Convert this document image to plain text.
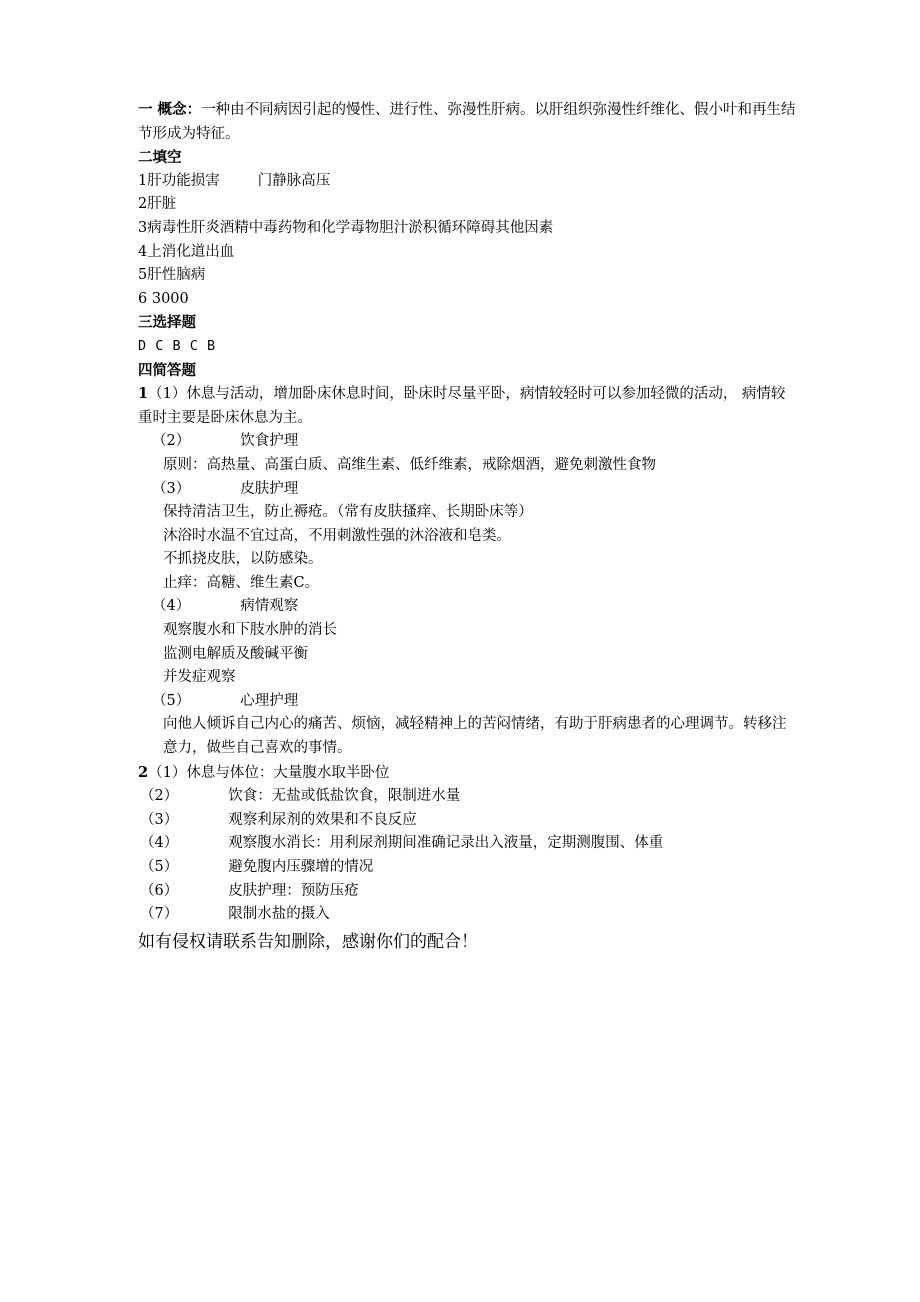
一 概念：一种由不同病因引起的慢性、进行性、弥漫性肝病。以肝组织弥漫性纤维化、假小叶和再生结节形成为特征。
二填空
1肝功能损害	门静脉高压
2肝脏
3病毒性肝炎酒精中毒药物和化学毒物胆汁淤积循环障碍其他因素
4上消化道出血
5肝性脑病
6 3000
三选择题
D C B C B
四简答题
1（1）休息与活动，增加卧床休息时间，卧床时尽量平卧，病情较轻时可以参加轻微的活动， 病情较重时主要是卧床休息为主。
（2）	饮食护理
原则：高热量、高蛋白质、高维生素、低纤维素，戒除烟酒，避免刺激性食物
（3）	皮肤护理
保持清洁卫生，防止褥疮。（常有皮肤搔痒、长期卧床等）
沐浴时水温不宜过高，不用刺激性强的沐浴液和皂类。
不抓挠皮肤，以防感染。
止痒：高糖、维生素C。
（4）	病情观察
观察腹水和下肢水肿的消长
监测电解质及酸碱平衡
并发症观察
（5）	心理护理
向他人倾诉自己内心的痛苦、烦恼，减轻精神上的苦闷情绪，有助于肝病患者的心理调节。转移注意力，做些自己喜欢的事情。
2（1）休息与体位：大量腹水取半卧位
（2）	饮食：无盐或低盐饮食，限制进水量
（3）	观察利尿剂的效果和不良反应
（4）	观察腹水消长：用利尿剂期间准确记录出入液量，定期测腹围、体重
（5）	避免腹内压骤增的情况
（6）	皮肤护理：预防压疮
（7）	限制水盐的摄入
如有侵权请联系告知删除，感谢你们的配合！
